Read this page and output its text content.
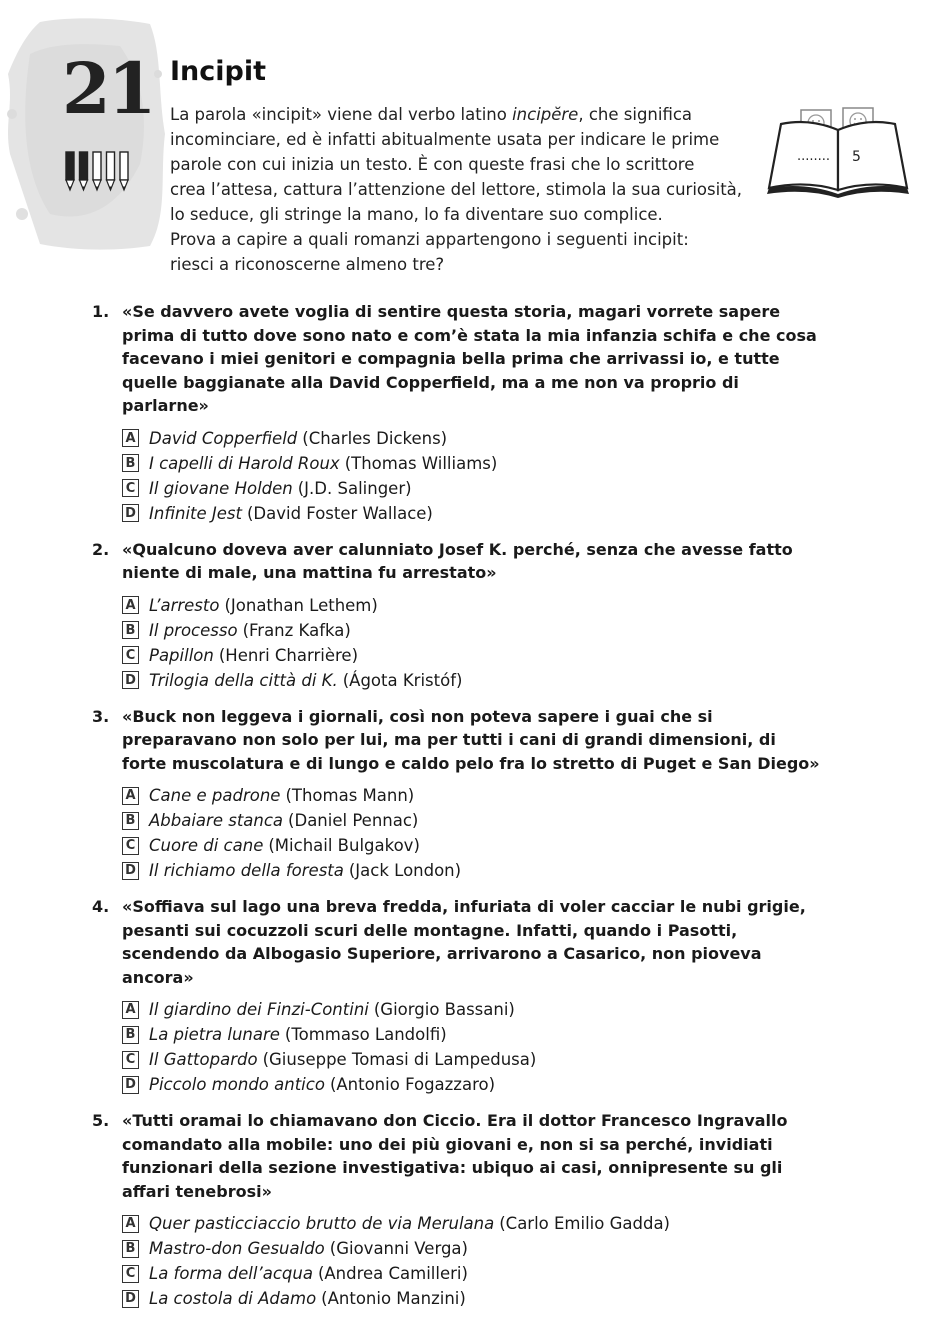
21 Incipit

La parola «incipit» viene dal verbo latino incipĕre, che significa

incominciare, ed è infatti abitualmente usata per indicare le prime

parole con cui inizia un testo. È con queste frasi che lo scrittore

crea l’attesa, cattura l’attenzione del lettore, stimola la sua curiosità,

lo seduce, gli stringe la mano, lo fa diventare suo complice.

Prova a capire a quali romanzi appartengono i seguenti incipit:

riesci a riconoscerne almeno tre?

........ 5
1. «Se davvero avete voglia di sentire questa storia, magari vorrete sapere prima di tutto dove sono nato e com’è stata la mia infanzia schifa e che cosa facevano i miei genitori e compagnia bella prima che arrivassi io, e tutte quelle baggianate alla David Copperfield, ma a me non va proprio di parlarne»
A David Copperfield (Charles Dickens)
B I capelli di Harold Roux (Thomas Williams)
C Il giovane Holden (J.D. Salinger)
D Infinite Jest (David Foster Wallace)
2. «Qualcuno doveva aver calunniato Josef K. perché, senza che avesse fatto niente di male, una mattina fu arrestato»
A L’arresto (Jonathan Lethem)
B Il processo (Franz Kafka)
C Papillon (Henri Charrière)
D Trilogia della città di K. (Ágota Kristóf)
3. «Buck non leggeva i giornali, così non poteva sapere i guai che si preparavano non solo per lui, ma per tutti i cani di grandi dimensioni, di forte muscolatura e di lungo e caldo pelo fra lo stretto di Puget e San Diego»
A Cane e padrone (Thomas Mann)
B Abbaiare stanca (Daniel Pennac)
C Cuore di cane (Michail Bulgakov)
D Il richiamo della foresta (Jack London)
4. «Soffiava sul lago una breva fredda, infuriata di voler cacciar le nubi grigie, pesanti sui cocuzzoli scuri delle montagne. Infatti, quando i Pasotti, scendendo da Albogasio Superiore, arrivarono a Casarico, non pioveva ancora»
A Il giardino dei Finzi-Contini (Giorgio Bassani)
B La pietra lunare (Tommaso Landolfi)
C Il Gattopardo (Giuseppe Tomasi di Lampedusa)
D Piccolo mondo antico (Antonio Fogazzaro)
5. «Tutti oramai lo chiamavano don Ciccio. Era il dottor Francesco Ingravallo comandato alla mobile: uno dei più giovani e, non si sa perché, invidiati funzionari della sezione investigativa: ubiquo ai casi, onnipresente su gli affari tenebrosi»
A Quer pasticciaccio brutto de via Merulana (Carlo Emilio Gadda)
B Mastro-don Gesualdo (Giovanni Verga)
C La forma dell’acqua (Andrea Camilleri)
D La costola di Adamo (Antonio Manzini)
